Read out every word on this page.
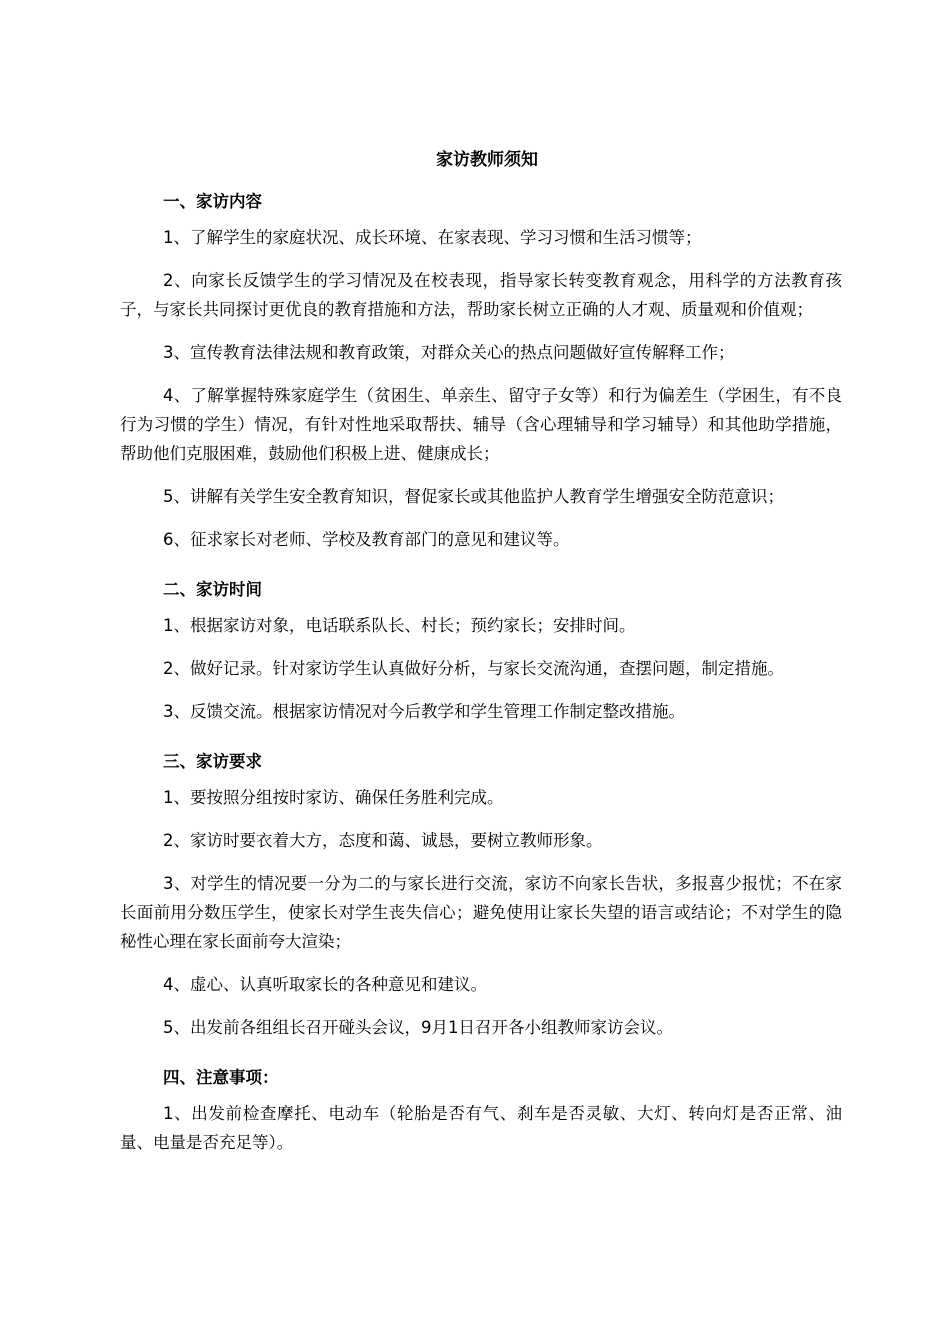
家访教师须知

一、家访内容

1、了解学生的家庭状况、成长环境、在家表现、学习习惯和生活习惯等；

2、向家长反馈学生的学习情况及在校表现，指导家长转变教育观念，用科学的方法教育孩子，与家长共同探讨更优良的教育措施和方法，帮助家长树立正确的人才观、质量观和价值观；

3、宣传教育法律法规和教育政策，对群众关心的热点问题做好宣传解释工作；

4、了解掌握特殊家庭学生（贫困生、单亲生、留守子女等）和行为偏差生（学困生，有不良行为习惯的学生）情况，有针对性地采取帮扶、辅导（含心理辅导和学习辅导）和其他助学措施，帮助他们克服困难，鼓励他们积极上进、健康成长；

5、讲解有关学生安全教育知识，督促家长或其他监护人教育学生增强安全防范意识；

6、征求家长对老师、学校及教育部门的意见和建议等。

二、家访时间

1、根据家访对象，电话联系队长、村长；预约家长；安排时间。

2、做好记录。针对家访学生认真做好分析，与家长交流沟通，查摆问题，制定措施。

3、反馈交流。根据家访情况对今后教学和学生管理工作制定整改措施。

三、家访要求

1、要按照分组按时家访、确保任务胜利完成。

2、家访时要衣着大方，态度和蔼、诚恳，要树立教师形象。

3、对学生的情况要一分为二的与家长进行交流，家访不向家长告状，多报喜少报忧；不在家长面前用分数压学生，使家长对学生丧失信心；避免使用让家长失望的语言或结论；不对学生的隐秘性心理在家长面前夸大渲染；

4、虚心、认真听取家长的各种意见和建议。

5、出发前各组组长召开碰头会议，9月1日召开各小组教师家访会议。

四、注意事项：

1、出发前检查摩托、电动车（轮胎是否有气、刹车是否灵敏、大灯、转向灯是否正常、油量、电量是否充足等）。
